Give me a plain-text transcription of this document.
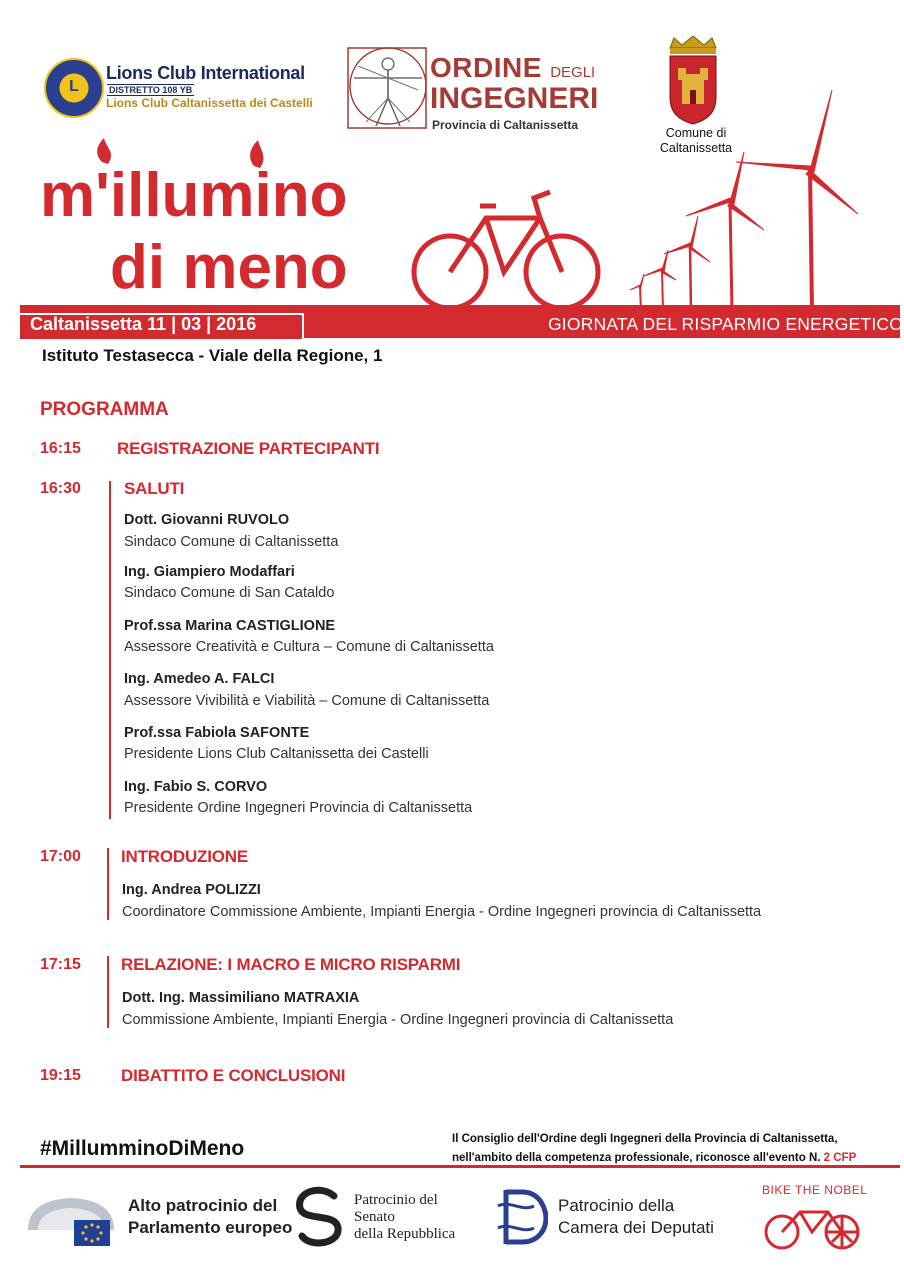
L
Lions Club International
DISTRETTO 108 YB
Lions Club Caltanissetta dei Castelli
ORDINE DEGLI
INGEGNERI
Provincia di Caltanissetta
Comune di
Caltanissetta
m'illumino
di meno
Caltanissetta 11 | 03 | 2016	GIORNATA DEL RISPARMIO ENERGETICO
Istituto Testasecca - Viale della Regione, 1
PROGRAMMA
16:15 REGISTRAZIONE PARTECIPANTI
16:30	SALUTI
Dott. Giovanni RUVOLO
Sindaco Comune di Caltanissetta
Ing. Giampiero Modaffari
Sindaco Comune di San Cataldo
Prof.ssa Marina CASTIGLIONE
Assessore Creatività e Cultura – Comune di Caltanissetta
Ing. Amedeo A. FALCI
Assessore Vivibilità e Viabilità – Comune di Caltanissetta
Prof.ssa Fabiola SAFONTE
Presidente Lions Club Caltanissetta dei Castelli
Ing. Fabio S. CORVO
Presidente Ordine Ingegneri Provincia di Caltanissetta
17:00 INTRODUZIONE
Ing. Andrea POLIZZI
Coordinatore Commissione Ambiente, Impianti Energia - Ordine Ingegneri provincia di Caltanissetta
17:15 RELAZIONE: I MACRO E MICRO RISPARMI
Dott. Ing. Massimiliano MATRAXIA
Commissione Ambiente, Impianti Energia - Ordine Ingegneri provincia di Caltanissetta
19:15 DIBATTITO E CONCLUSIONI
#MillumminoDiMeno	Il Consiglio dell'Ordine degli Ingegneri della Provincia di Caltanissetta,
nell'ambito della competenza professionale, riconosce all'evento N. 2 CFP
Alto patrocinio del
Parlamento europeo
Patrocinio del
Senato
della Repubblica
Patrocinio della
Camera dei Deputati
BIKE THE NOBEL
